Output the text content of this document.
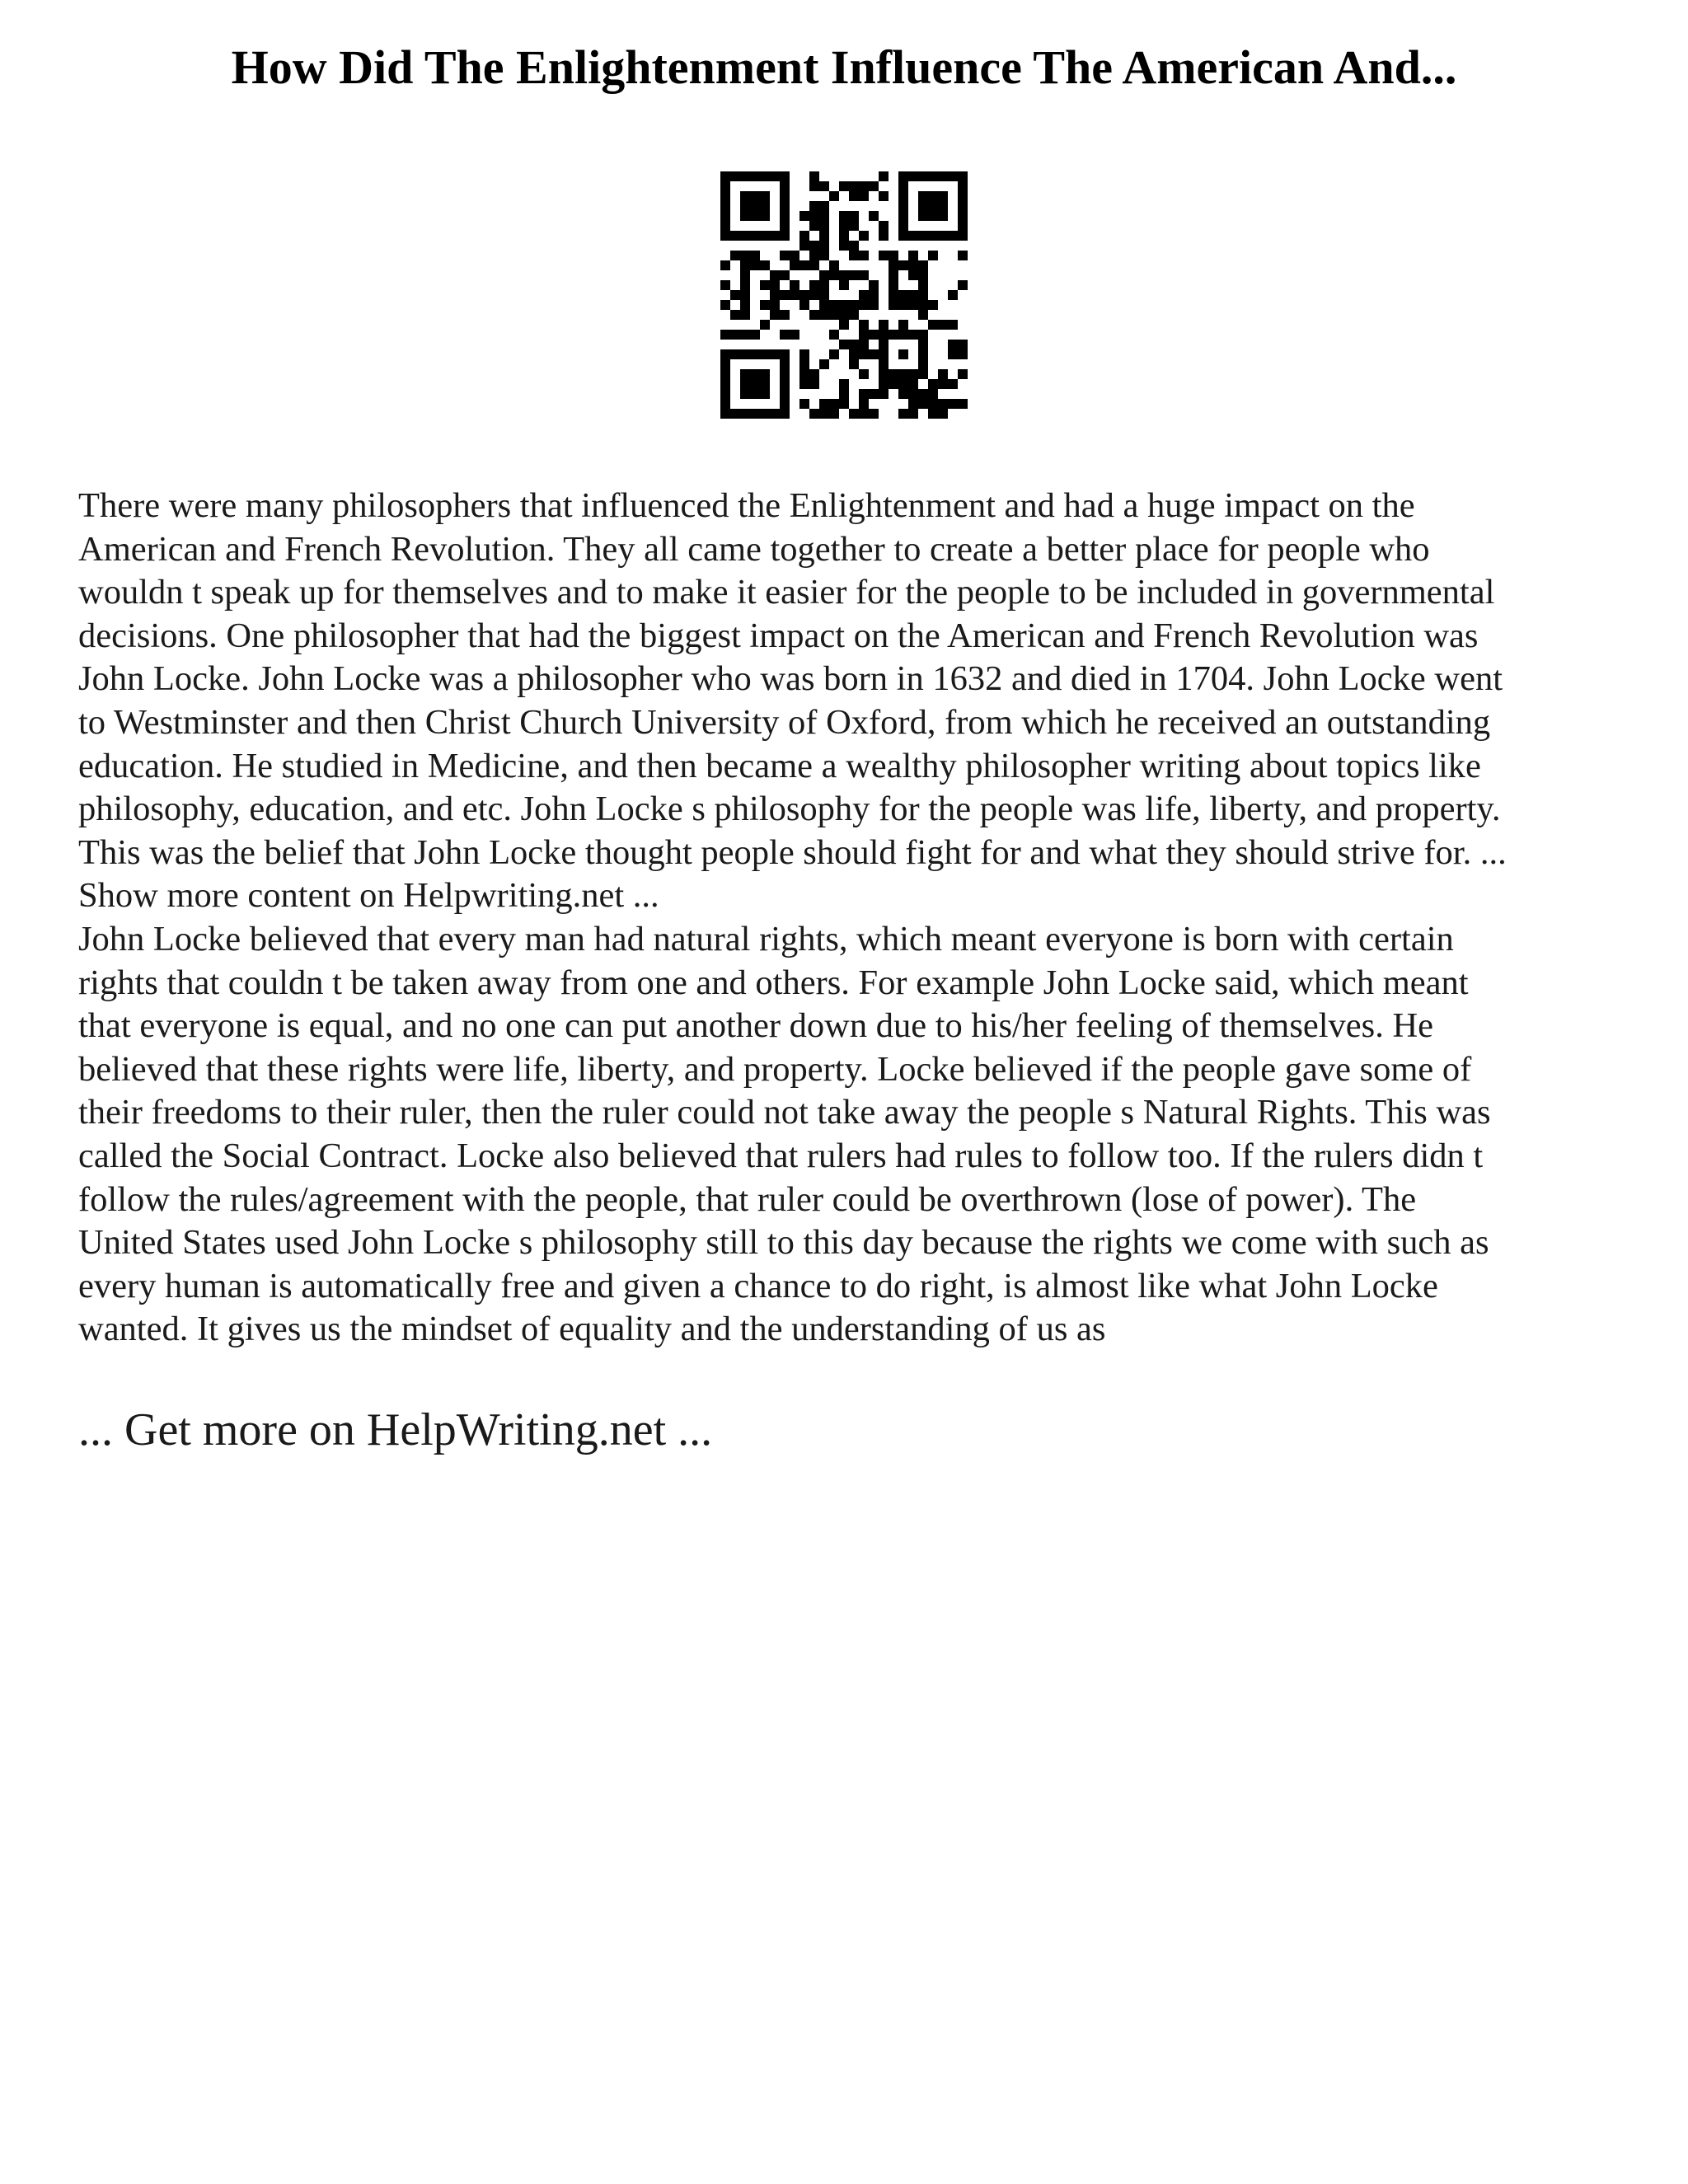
How Did The Enlightenment Influence The American And...

There were many philosophers that influenced the Enlightenment and had a huge impact on the

American and French Revolution. They all came together to create a better place for people who

wouldn t speak up for themselves and to make it easier for the people to be included in governmental

decisions. One philosopher that had the biggest impact on the American and French Revolution was

John Locke. John Locke was a philosopher who was born in 1632 and died in 1704. John Locke went

to Westminster and then Christ Church University of Oxford, from which he received an outstanding

education. He studied in Medicine, and then became a wealthy philosopher writing about topics like

philosophy, education, and etc. John Locke s philosophy for the people was life, liberty, and property.

This was the belief that John Locke thought people should fight for and what they should strive for. ...

Show more content on Helpwriting.net ...

John Locke believed that every man had natural rights, which meant everyone is born with certain

rights that couldn t be taken away from one and others. For example John Locke said, which meant

that everyone is equal, and no one can put another down due to his/her feeling of themselves. He

believed that these rights were life, liberty, and property. Locke believed if the people gave some of

their freedoms to their ruler, then the ruler could not take away the people s Natural Rights. This was

called the Social Contract. Locke also believed that rulers had rules to follow too. If the rulers didn t

follow the rules/agreement with the people, that ruler could be overthrown (lose of power). The

United States used John Locke s philosophy still to this day because the rights we come with such as

every human is automatically free and given a chance to do right, is almost like what John Locke

wanted. It gives us the mindset of equality and the understanding of us as

... Get more on HelpWriting.net ...
